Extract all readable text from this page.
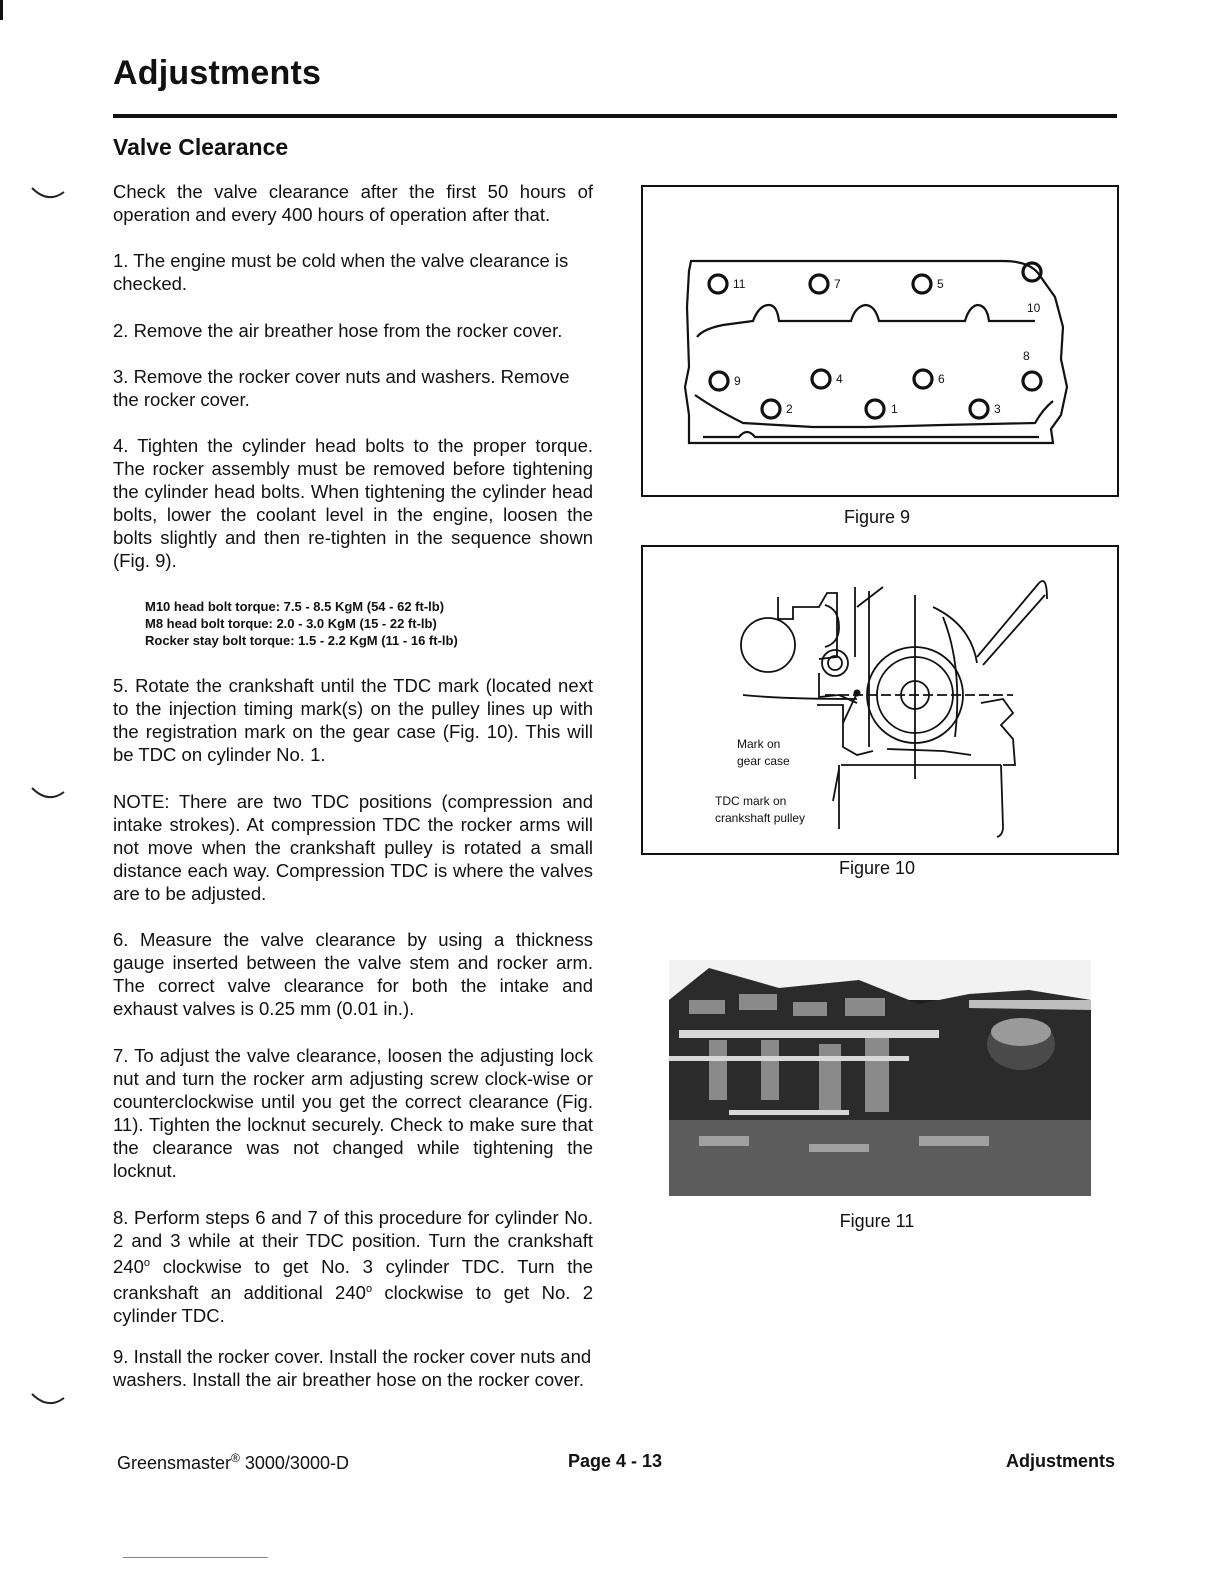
Adjustments
Valve Clearance

Check the valve clearance after the first 50 hours of operation and every 400 hours of operation after that.

1. The engine must be cold when the valve clearance is checked.

2. Remove the air breather hose from the rocker cover.

3. Remove the rocker cover nuts and washers. Remove the rocker cover.

4. Tighten the cylinder head bolts to the proper torque. The rocker assembly must be removed before tightening the cylinder head bolts. When tightening the cylinder head bolts, lower the coolant level in the engine, loosen the bolts slightly and then re-tighten in the sequence shown (Fig. 9).

M10 head bolt torque: 7.5 - 8.5 KgM (54 - 62 ft-lb)
M8 head bolt torque: 2.0 - 3.0 KgM (15 - 22 ft-lb)
Rocker stay bolt torque: 1.5 - 2.2 KgM (11 - 16 ft-lb)

5. Rotate the crankshaft until the TDC mark (located next to the injection timing mark(s) on the pulley lines up with the registration mark on the gear case (Fig. 10). This will be TDC on cylinder No. 1.

NOTE: There are two TDC positions (compression and intake strokes). At compression TDC the rocker arms will not move when the crankshaft pulley is rotated a small distance each way. Compression TDC is where the valves are to be adjusted.

6. Measure the valve clearance by using a thickness gauge inserted between the valve stem and rocker arm. The correct valve clearance for both the intake and exhaust valves is 0.25 mm (0.01 in.).

7. To adjust the valve clearance, loosen the adjusting lock nut and turn the rocker arm adjusting screw clock-wise or counterclockwise until you get the correct clearance (Fig. 11). Tighten the locknut securely. Check to make sure that the clearance was not changed while tightening the locknut.

8. Perform steps 6 and 7 of this procedure for cylinder No. 2 and 3 while at their TDC position. Turn the crankshaft 240$^o$ clockwise to get No. 3 cylinder TDC. Turn the crankshaft an additional 240$^o$ clockwise to get No. 2 cylinder TDC.

9. Install the rocker cover. Install the rocker cover nuts and washers. Install the air breather hose on the rocker cover.

11	7	5
10
8
9	4	6
2	1	3
Figure 9
Mark on
gear case
TDC mark on
crankshaft pulley
Figure 10
Figure 11
Greensmaster® 3000/3000-D	Page 4 - 13	Adjustments
